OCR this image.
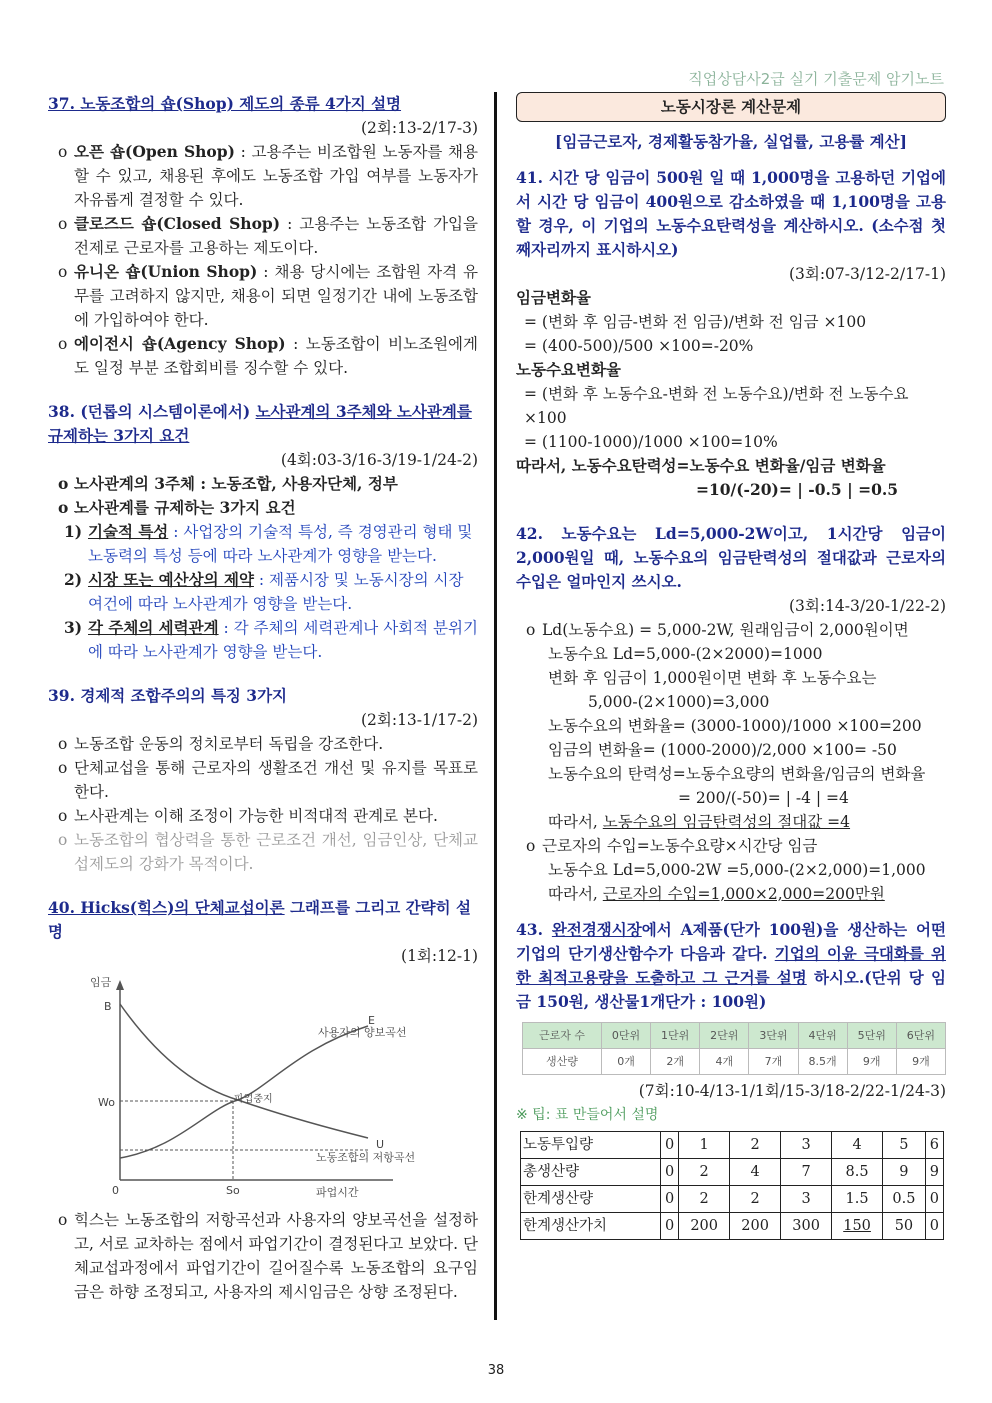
직업상담사2급 실기 기출문제 암기노트
37. 노동조합의 숍(Shop) 제도의 종류 4가지 설명
(2회:13-2/17-3)
o 오픈 숍(Open Shop) : 고용주는 비조합원 노동자를 채용할 수 있고, 채용된 후에도 노동조합 가입 여부를 노동자가 자유롭게 결정할 수 있다.
o 클로즈드 숍(Closed Shop) : 고용주는 노동조합 가입을 전제로 근로자를 고용하는 제도이다.
o 유니온 숍(Union Shop) : 채용 당시에는 조합원 자격 유무를 고려하지 않지만, 채용이 되면 일정기간 내에 노동조합에 가입하여야 한다.
o 에이전시 숍(Agency Shop) : 노동조합이 비노조원에게도 일정 부분 조합회비를 징수할 수 있다.
38. (던롭의 시스템이론에서) 노사관계의 3주체와 노사관계를 규제하는 3가지 요건
(4회:03-3/16-3/19-1/24-2)
o 노사관계의 3주체 : 노동조합, 사용자단체, 정부
o 노사관계를 규제하는 3가지 요건
1) 기술적 특성 : 사업장의 기술적 특성, 즉 경영관리 형태 및 노동력의 특성 등에 따라 노사관계가 영향을 받는다.
2) 시장 또는 예산상의 제약 : 제품시장 및 노동시장의 시장여건에 따라 노사관계가 영향을 받는다.
3) 각 주체의 세력관계 : 각 주체의 세력관계나 사회적 분위기에 따라 노사관계가 영향을 받는다.
39. 경제적 조합주의의 특징 3가지
(2회:13-1/17-2)
o 노동조합 운동의 정치로부터 독립을 강조한다.
o 단체교섭을 통해 근로자의 생활조건 개선 및 유지를 목표로 한다.
o 노사관계는 이해 조정이 가능한 비적대적 관계로 본다.
o 노동조합의 협상력을 통한 근로조건 개선, 임금인상, 단체교섭제도의 강화가 목적이다.
40. Hicks(힉스)의 단체교섭이론 그래프를 그리고 간략히 설명
(1회:12-1)
임금
B
E
사용자의 양보곡선
Wo	파업중지
U
노동조합의 저항곡선
0	So	파업시간
o 힉스는 노동조합의 저항곡선과 사용자의 양보곡선을 설정하고, 서로 교차하는 점에서 파업기간이 결정된다고 보았다. 단체교섭과정에서 파업기간이 길어질수록 노동조합의 요구임금은 하향 조정되고, 사용자의 제시임금은 상향 조정된다.
노동시장론 계산문제
[임금근로자, 경제활동참가율, 실업률, 고용률 계산]
41. 시간 당 임금이 500원 일 때 1,000명을 고용하던 기업에서 시간 당 임금이 400원으로 감소하였을 때 1,100명을 고용할 경우, 이 기업의 노동수요탄력성을 계산하시오. (소수점 첫째자리까지 표시하시오)
(3회:07-3/12-2/17-1)
임금변화율
= (변화 후 임금-변화 전 임금)/변화 전 임금 ×100
= (400-500)/500 ×100=-20%
노동수요변화율
= (변화 후 노동수요-변화 전 노동수요)/변화 전 노동수요×100
= (1100-1000)/1000 ×100=10%
따라서, 노동수요탄력성=노동수요 변화율/임금 변화율
=10/(-20)= | -0.5 | =0.5
42. 노동수요는 Ld=5,000-2W이고, 1시간당 임금이 2,000원일 때, 노동수요의 임금탄력성의 절대값과 근로자의 수입은 얼마인지 쓰시오.
(3회:14-3/20-1/22-2)
o Ld(노동수요) = 5,000-2W, 원래임금이 2,000원이면
노동수요 Ld=5,000-(2×2000)=1000
변화 후 임금이 1,000원이면 변화 후 노동수요는
5,000-(2×1000)=3,000
노동수요의 변화율= (3000-1000)/1000 ×100=200
임금의 변화율= (1000-2000)/2,000 ×100= -50
노동수요의 탄력성=노동수요량의 변화율/임금의 변화율
= 200/(-50)= | -4 | =4
따라서, 노동수요의 임금탄력성의 절대값 =4
o 근로자의 수입=노동수요량×시간당 임금
노동수요 Ld=5,000-2W =5,000-(2×2,000)=1,000
따라서, 근로자의 수입=1,000×2,000=200만원
43. 완전경쟁시장에서 A제품(단가 100원)을 생산하는 어떤 기업의 단기생산함수가 다음과 같다. 기업의 이윤 극대화를 위한 최적고용량을 도출하고 그 근거를 설명 하시오.(단위 당 임금 150원, 생산물1개단가 : 100원)
근로자 수	0단위	1단위	2단위	3단위	4단위	5단위	6단위
생산량	0개	2개	4개	7개	8.5개	9개	9개
(7회:10-4/13-1/1회/15-3/18-2/22-1/24-3)
※ 팁: 표 만들어서 설명
노동투입량	0	1	2	3	4	5	6
총생산량	0	2	4	7	8.5	9	9
한계생산량	0	2	2	3	1.5	0.5	0
한계생산가치	0	200	200	300	150	50	0
38
